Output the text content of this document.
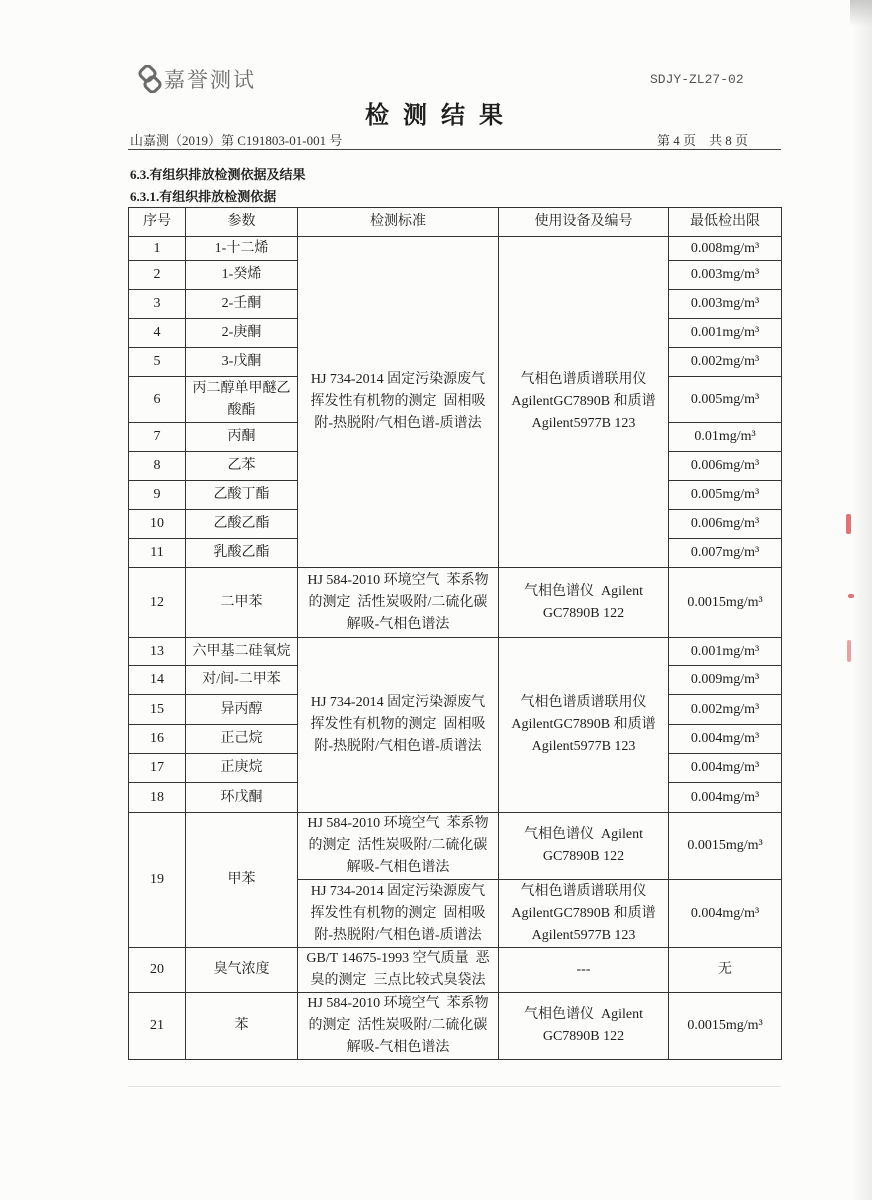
嘉誉测试	SDJY-ZL27-02
检 测 结 果
山嘉测（2019）第 C191803-01-001 号	第 4 页    共 8 页
6.3.有组织排放检测依据及结果
6.3.1.有组织排放检测依据
序号	参数	检测标准	使用设备及编号	最低检出限
1	1-十二烯	HJ 734-2014 固定污染源废气
挥发性有机物的测定  固相吸
附-热脱附/气相色谱-质谱法	气相色谱质谱联用仪
AgilentGC7890B 和质谱
Agilent5977B 123	0.008mg/m³
2	1-癸烯			0.003mg/m³
3	2-壬酮			0.003mg/m³
4	2-庚酮			0.001mg/m³
5	3-戊酮			0.002mg/m³
6	丙二醇单甲醚乙酸酯			0.005mg/m³
7	丙酮			0.01mg/m³
8	乙苯			0.006mg/m³
9	乙酸丁酯			0.005mg/m³
10	乙酸乙酯			0.006mg/m³
11	乳酸乙酯			0.007mg/m³
12	二甲苯	HJ 584-2010 环境空气  苯系物
的测定  活性炭吸附/二硫化碳
解吸-气相色谱法	气相色谱仪  Agilent
GC7890B 122	0.0015mg/m³
13	六甲基二硅氧烷	HJ 734-2014 固定污染源废气
挥发性有机物的测定  固相吸
附-热脱附/气相色谱-质谱法	气相色谱质谱联用仪
AgilentGC7890B 和质谱
Agilent5977B 123	0.001mg/m³
14	对/间-二甲苯			0.009mg/m³
15	异丙醇			0.002mg/m³
16	正己烷			0.004mg/m³
17	正庚烷			0.004mg/m³
18	环戊酮			0.004mg/m³
19	甲苯	HJ 584-2010 环境空气  苯系物
的测定  活性炭吸附/二硫化碳
解吸-气相色谱法	气相色谱仪  Agilent
GC7890B 122	0.0015mg/m³
		HJ 734-2014 固定污染源废气
挥发性有机物的测定  固相吸
附-热脱附/气相色谱-质谱法	气相色谱质谱联用仪
AgilentGC7890B 和质谱
Agilent5977B 123	0.004mg/m³
20	臭气浓度	GB/T 14675-1993 空气质量  恶
臭的测定  三点比较式臭袋法	---	无
21	苯	HJ 584-2010 环境空气  苯系物
的测定  活性炭吸附/二硫化碳
解吸-气相色谱法	气相色谱仪  Agilent
GC7890B 122	0.0015mg/m³
